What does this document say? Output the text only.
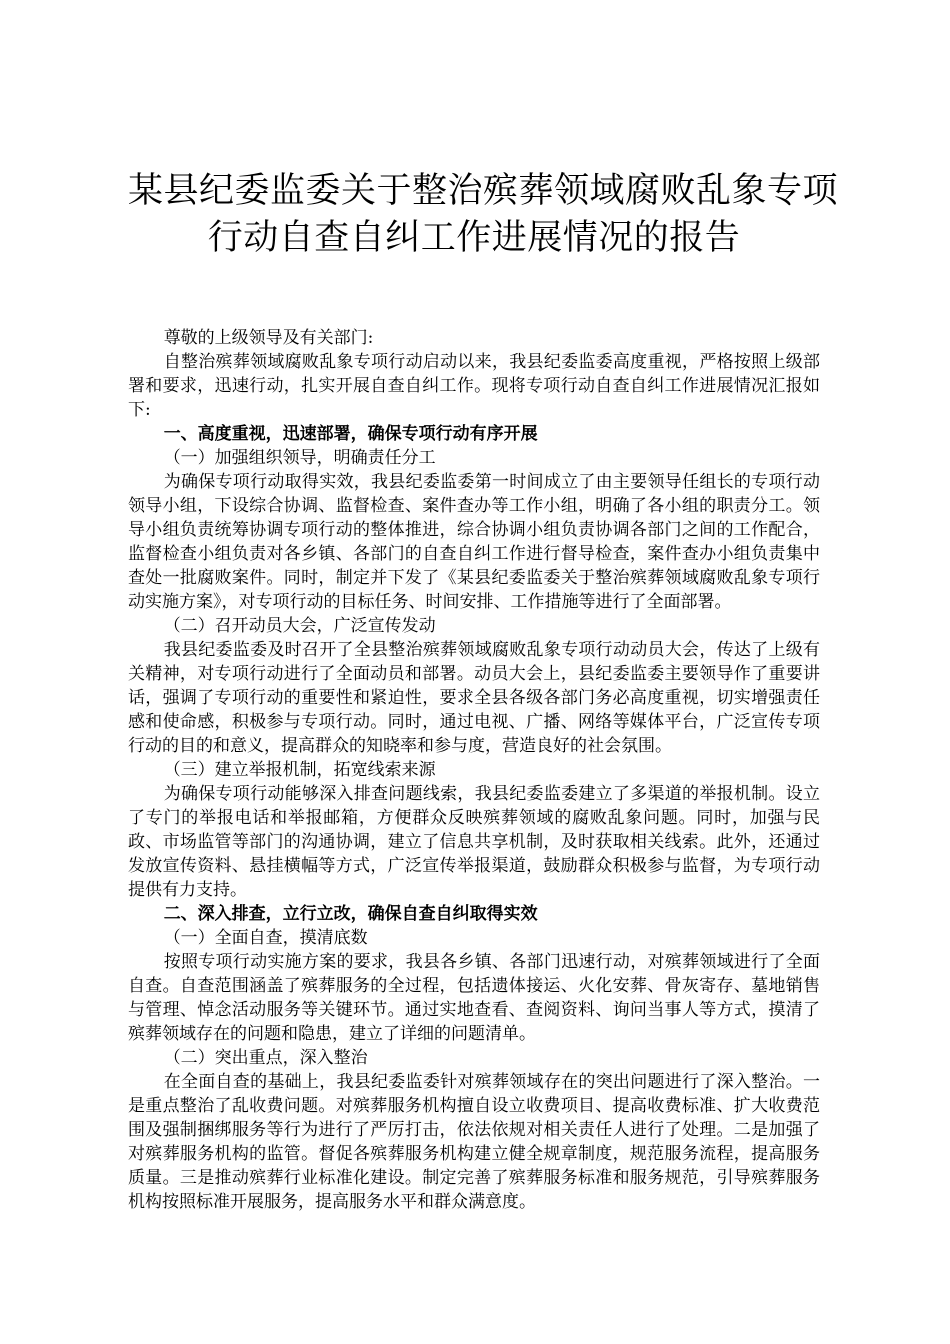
某县纪委监委关于整治殡葬领域腐败乱象专项
行动自查自纠工作进展情况的报告

尊敬的上级领导及有关部门:

自整治殡葬领域腐败乱象专项行动启动以来，我县纪委监委高度重视，严格按照上级部署和要求，迅速行动，扎实开展自查自纠工作。现将专项行动自查自纠工作进展情况汇报如下:

一、高度重视，迅速部署，确保专项行动有序开展

（一）加强组织领导，明确责任分工

为确保专项行动取得实效，我县纪委监委第一时间成立了由主要领导任组长的专项行动领导小组，下设综合协调、监督检查、案件查办等工作小组，明确了各小组的职责分工。领导小组负责统筹协调专项行动的整体推进，综合协调小组负责协调各部门之间的工作配合，监督检查小组负责对各乡镇、各部门的自查自纠工作进行督导检查，案件查办小组负责集中查处一批腐败案件。同时，制定并下发了《某县纪委监委关于整治殡葬领域腐败乱象专项行动实施方案》，对专项行动的目标任务、时间安排、工作措施等进行了全面部署。

（二）召开动员大会，广泛宣传发动

我县纪委监委及时召开了全县整治殡葬领域腐败乱象专项行动动员大会，传达了上级有关精神，对专项行动进行了全面动员和部署。动员大会上，县纪委监委主要领导作了重要讲话，强调了专项行动的重要性和紧迫性，要求全县各级各部门务必高度重视，切实增强责任感和使命感，积极参与专项行动。同时，通过电视、广播、网络等媒体平台，广泛宣传专项行动的目的和意义，提高群众的知晓率和参与度，营造良好的社会氛围。

（三）建立举报机制，拓宽线索来源

为确保专项行动能够深入排查问题线索，我县纪委监委建立了多渠道的举报机制。设立了专门的举报电话和举报邮箱，方便群众反映殡葬领域的腐败乱象问题。同时，加强与民政、市场监管等部门的沟通协调，建立了信息共享机制，及时获取相关线索。此外，还通过发放宣传资料、悬挂横幅等方式，广泛宣传举报渠道，鼓励群众积极参与监督，为专项行动提供有力支持。

二、深入排查，立行立改，确保自查自纠取得实效

（一）全面自查，摸清底数

按照专项行动实施方案的要求，我县各乡镇、各部门迅速行动，对殡葬领域进行了全面自查。自查范围涵盖了殡葬服务的全过程，包括遗体接运、火化安葬、骨灰寄存、墓地销售与管理、悼念活动服务等关键环节。通过实地查看、查阅资料、询问当事人等方式，摸清了殡葬领域存在的问题和隐患，建立了详细的问题清单。

（二）突出重点，深入整治

在全面自查的基础上，我县纪委监委针对殡葬领域存在的突出问题进行了深入整治。一是重点整治了乱收费问题。对殡葬服务机构擅自设立收费项目、提高收费标准、扩大收费范围及强制捆绑服务等行为进行了严厉打击，依法依规对相关责任人进行了处理。二是加强了对殡葬服务机构的监管。督促各殡葬服务机构建立健全规章制度，规范服务流程，提高服务质量。三是推动殡葬行业标准化建设。制定完善了殡葬服务标准和服务规范，引导殡葬服务机构按照标准开展服务，提高服务水平和群众满意度。
